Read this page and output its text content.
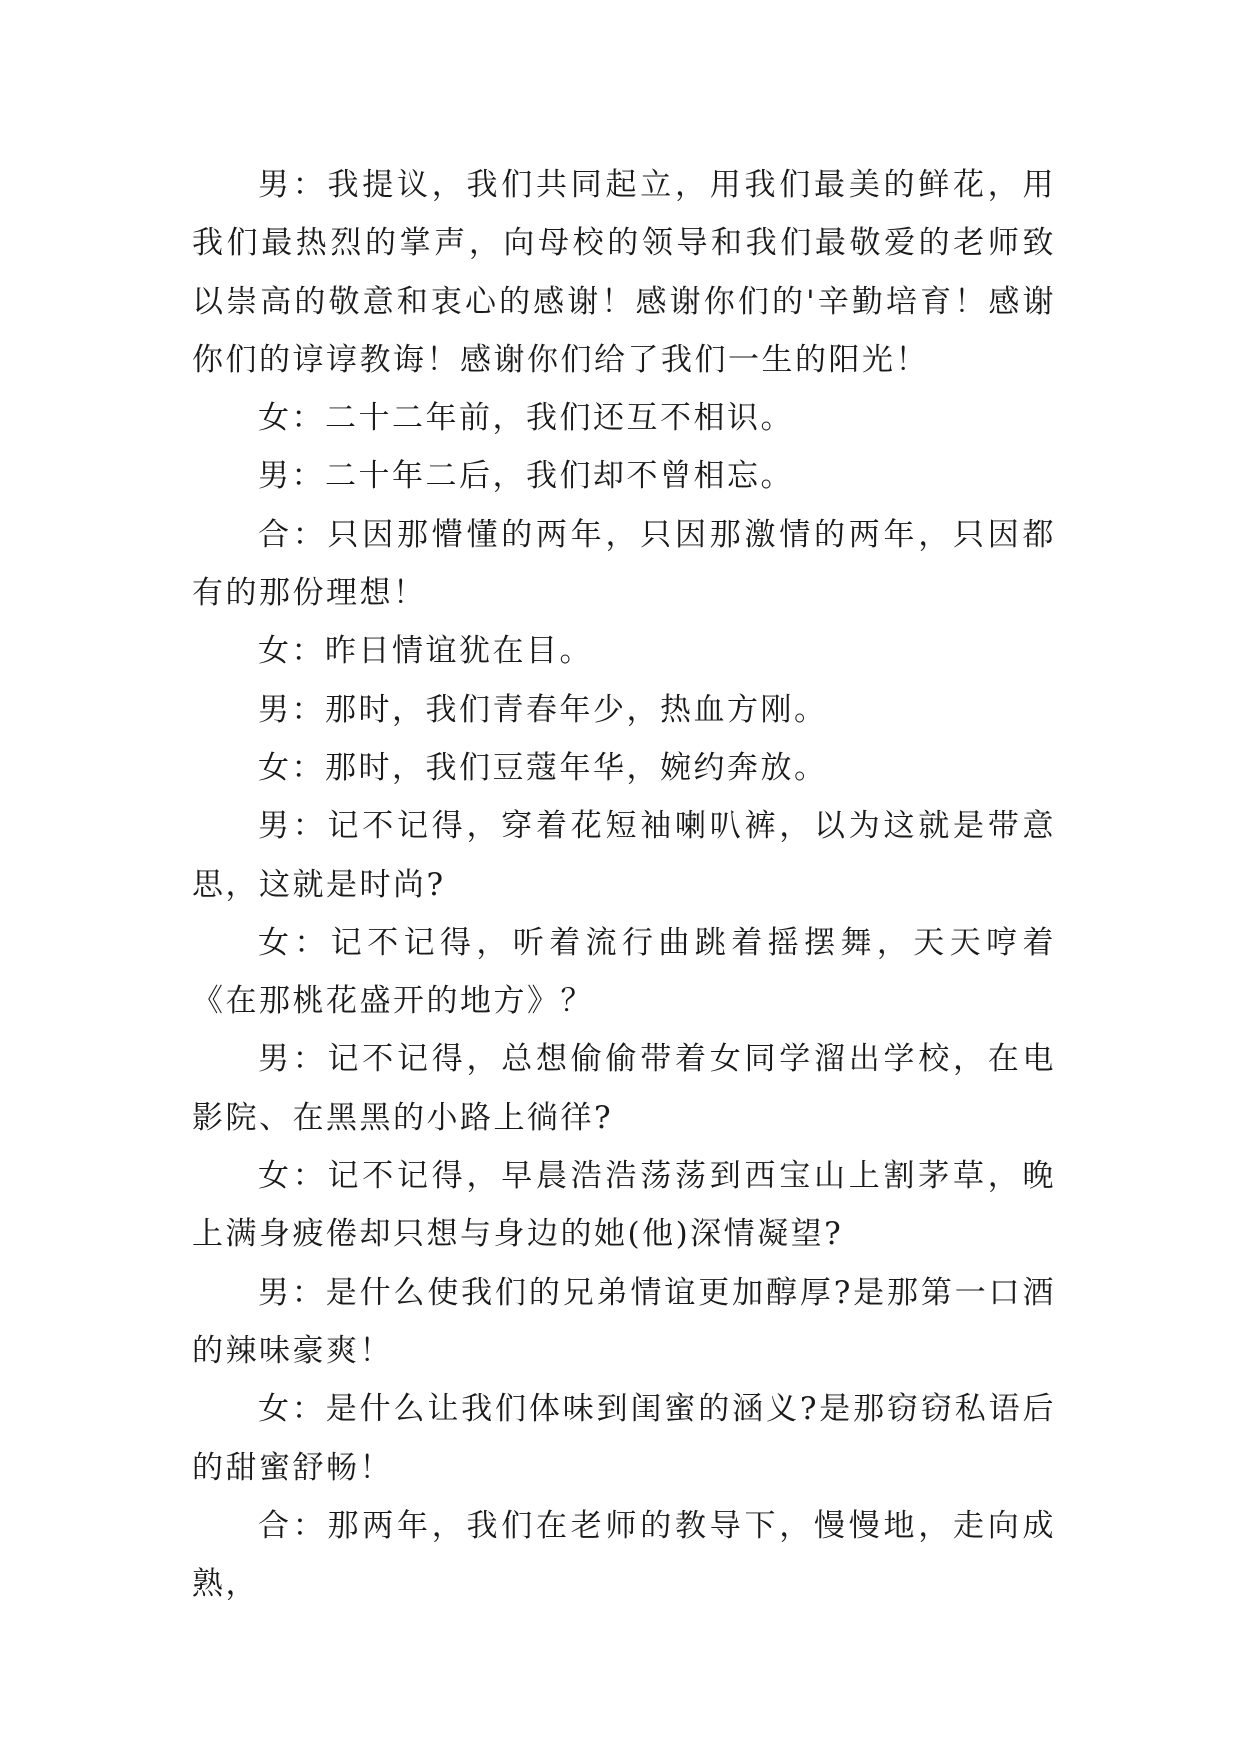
男：我提议，我们共同起立，用我们最美的鲜花，用我们最热烈的掌声，向母校的领导和我们最敬爱的老师致以崇高的敬意和衷心的感谢！感谢你们的'辛勤培育！感谢你们的谆谆教诲！感谢你们给了我们一生的阳光！

女：二十二年前，我们还互不相识。

男：二十年二后，我们却不曾相忘。

合：只因那懵懂的两年，只因那激情的两年，只因都有的那份理想！

女：昨日情谊犹在目。

男：那时，我们青春年少，热血方刚。

女：那时，我们豆蔻年华，婉约奔放。

男：记不记得，穿着花短袖喇叭裤，以为这就是带意思，这就是时尚?

女：记不记得，听着流行曲跳着摇摆舞，天天哼着《在那桃花盛开的地方》？

男：记不记得，总想偷偷带着女同学溜出学校，在电影院、在黑黑的小路上徜徉?

女：记不记得，早晨浩浩荡荡到西宝山上割茅草，晚上满身疲倦却只想与身边的她(他)深情凝望?

男：是什么使我们的兄弟情谊更加醇厚?是那第一口酒的辣味豪爽！

女：是什么让我们体味到闺蜜的涵义?是那窃窃私语后的甜蜜舒畅！

合：那两年，我们在老师的教导下，慢慢地，走向成熟，
